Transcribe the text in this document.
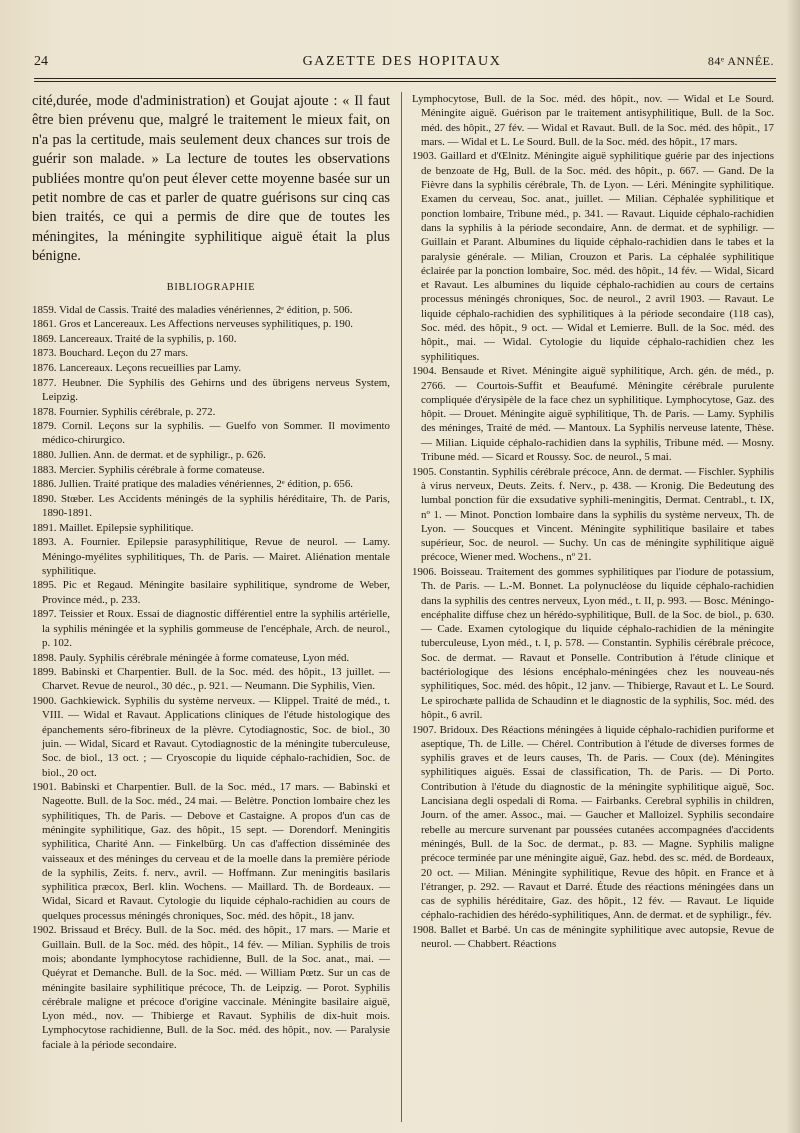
24	GAZETTE DES HOPITAUX	84ᵉ ANNÉE.

cité,durée, mode d'administration) et Goujat ajoute : « Il faut être bien prévenu que, malgré le traitement le mieux fait, on n'a pas la certitude, mais seulement deux chances sur trois de guérir son malade. » La lecture de toutes les observations publiées montre qu'on peut élever cette moyenne basée sur un petit nombre de cas et parler de quatre guérisons sur cinq cas bien traités, ce qui a permis de dire que de toutes les méningites, la méningite syphilitique aiguë était la plus bénigne.

BIBLIOGRAPHIE

1859. Vidal de Cassis. Traité des maladies vénériennes, 2ᵉ édition, p. 506.

1861. Gros et Lancereaux. Les Affections nerveuses syphilitiques, p. 190.

1869. Lancereaux. Traité de la syphilis, p. 160.

1873. Bouchard. Leçon du 27 mars.

1876. Lancereaux. Leçons recueillies par Lamy.

1877. Heubner. Die Syphilis des Gehirns und des übrigens nerveus System, Leipzig.

1878. Fournier. Syphilis cérébrale, p. 272.

1879. Cornil. Leçons sur la syphilis. — Guelfo von Sommer. Il movimento médico-chirurgico.

1880. Jullien. Ann. de dermat. et de syphiligr., p. 626.

1883. Mercier. Syphilis cérébrale à forme comateuse.

1886. Jullien. Traité pratique des maladies vénériennes, 2ᵉ édition, p. 656.

1890. Stœber. Les Accidents méningés de la syphilis héréditaire, Th. de Paris, 1890-1891.

1891. Maillet. Epilepsie syphilitique.

1893. A. Fournier. Epilepsie parasyphilitique, Revue de neurol. — Lamy. Méningo-myélites syphilitiques, Th. de Paris. — Mairet. Aliénation mentale syphilitique.

1895. Pic et Regaud. Méningite basilaire syphilitique, syndrome de Weber, Province méd., p. 233.

1897. Teissier et Roux. Essai de diagnostic différentiel entre la syphilis artérielle, la syphilis méningée et la syphilis gommeuse de l'encéphale, Arch. de neurol., p. 102.

1898. Pauly. Syphilis cérébrale méningée à forme comateuse, Lyon méd.

1899. Babinski et Charpentier. Bull. de la Soc. méd. des hôpit., 13 juillet. — Charvet. Revue de neurol., 30 déc., p. 921. — Neumann. Die Syphilis, Vien.

1900. Gachkiewick. Syphilis du système nerveux. — Klippel. Traité de méd., t. VIII. — Widal et Ravaut. Applications cliniques de l'étude histologique des épanchements séro-fibrineux de la plèvre. Cytodiagnostic, Soc. de biol., 30 juin. — Widal, Sicard et Ravaut. Cytodiagnostic de la méningite tuberculeuse, Soc. de biol., 13 oct. ; — Cryoscopie du liquide céphalo-rachidien, Soc. de biol., 20 oct.

1901. Babinski et Charpentier. Bull. de la Soc. méd., 17 mars. — Babinski et Nageotte. Bull. de la Soc. méd., 24 mai. — Belètre. Ponction lombaire chez les syphilitiques, Th. de Paris. — Debove et Castaigne. A propos d'un cas de méningite syphilitique, Gaz. des hôpit., 15 sept. — Dorendorf. Meningitis syphilitica, Charité Ann. — Finkelbürg. Un cas d'affection disséminée des vaisseaux et des méninges du cerveau et de la moelle dans la première période de la syphilis, Zeits. f. nerv., avril. — Hoffmann. Zur meningitis basilaris syphilitica præcox, Berl. klin. Wochens. — Maillard. Th. de Bordeaux. — Widal, Sicard et Ravaut. Cytologie du liquide céphalo-rachidien au cours de quelques processus méningés chroniques, Soc. méd. des hôpit., 18 janv.

1902. Brissaud et Brécy. Bull. de la Soc. méd. des hôpit., 17 mars. — Marie et Guillain. Bull. de la Soc. méd. des hôpit., 14 fév. — Milian. Syphilis de trois mois; abondante lymphocytose rachidienne, Bull. de la Soc. anat., mai. — Quéyrat et Demanche. Bull. de la Soc. méd. — William Pœtz. Sur un cas de méningite basilaire syphilitique précoce, Th. de Leipzig. — Porot. Syphilis cérébrale maligne et précoce d'origine vaccinale. Méningite basilaire aiguë, Lyon méd., nov. — Thibierge et Ravaut. Syphilis de dix-huit mois. Lymphocytose rachidienne, Bull. de la Soc. méd. des hôpit., nov. — Paralysie faciale à la période secondaire.

Lymphocytose, Bull. de la Soc. méd. des hôpit., nov. — Widal et Le Sourd. Méningite aiguë. Guérison par le traitement antisyphilitique, Bull. de la Soc. méd. des hôpit., 27 fév. — Widal et Ravaut. Bull. de la Soc. méd. des hôpit., 17 mars. — Widal et L. Le Sourd. Bull. de la Soc. méd. des hôpit., 17 mars.

1903. Gaillard et d'Œlnitz. Méningite aiguë syphilitique guérie par des injections de benzoate de Hg, Bull. de la Soc. méd. des hôpit., p. 667. — Gand. De la Fièvre dans la syphilis cérébrale, Th. de Lyon. — Léri. Méningite syphilitique. Examen du cerveau, Soc. anat., juillet. — Milian. Céphalée syphilitique et ponction lombaire, Tribune méd., p. 341. — Ravaut. Liquide céphalo-rachidien dans la syphilis à la période secondaire, Ann. de dermat. et de syphiligr. — Guillain et Parant. Albumines du liquide céphalo-rachidien dans le tabes et la paralysie générale. — Milian, Crouzon et Paris. La céphalée syphilitique éclairée par la ponction lombaire, Soc. méd. des hôpit., 14 fév. — Widal, Sicard et Ravaut. Les albumines du liquide céphalo-rachidien au cours de certains processus méningés chroniques, Soc. de neurol., 2 avril 1903. — Ravaut. Le liquide céphalo-rachidien des syphilitiques à la période secondaire (118 cas), Soc. méd. des hôpit., 9 oct. — Widal et Lemierre. Bull. de la Soc. méd. des hôpit., mai. — Widal. Cytologie du liquide céphalo-rachidien chez les syphilitiques.

1904. Bensaude et Rivet. Méningite aiguë syphilitique, Arch. gén. de méd., p. 2766. — Courtois-Suffit et Beaufumé. Méningite cérébrale purulente compliquée d'érysipèle de la face chez un syphilitique. Lymphocytose, Gaz. des hôpit. — Drouet. Méningite aiguë syphilitique, Th. de Paris. — Lamy. Syphilis des méninges, Traité de méd. — Mantoux. La Syphilis nerveuse latente, Thèse. — Milian. Liquide céphalo-rachidien dans la syphilis, Tribune méd. — Mosny. Tribune méd. — Sicard et Roussy. Soc. de neurol., 5 mai.

1905. Constantin. Syphilis cérébrale précoce, Ann. de dermat. — Fischler. Syphilis à virus nerveux, Deuts. Zeits. f. Nerv., p. 438. — Kronig. Die Bedeutung des lumbal ponction für die exsudative syphili-meningitis, Dermat. Centrabl., t. IX, nº 1. — Minot. Ponction lombaire dans la syphilis du système nerveux, Th. de Lyon. — Soucques et Vincent. Méningite syphilitique basilaire et tabes supérieur, Soc. de neurol. — Suchy. Un cas de méningite syphilitique aiguë précoce, Wiener med. Wochens., nº 21.

1906. Boisseau. Traitement des gommes syphilitiques par l'iodure de potassium, Th. de Paris. — L.-M. Bonnet. La polynucléose du liquide céphalo-rachidien dans la syphilis des centres nerveux, Lyon méd., t. II, p. 993. — Bosc. Méningo-encéphalite diffuse chez un hérédo-syphilitique, Bull. de la Soc. de biol., p. 630. — Cade. Examen cytologique du liquide céphalo-rachidien de la méningite tuberculeuse, Lyon méd., t. I, p. 578. — Constantin. Syphilis cérébrale précoce, Soc. de dermat. — Ravaut et Ponselle. Contribution à l'étude clinique et bactériologique des lésions encéphalo-méningées chez les nouveau-nés syphilitiques, Soc. méd. des hôpit., 12 janv. — Thibierge, Ravaut et L. Le Sourd. Le spirochæte pallida de Schaudinn et le diagnostic de la syphilis, Soc. méd. des hôpit., 6 avril.

1907. Bridoux. Des Réactions méningées à liquide céphalo-rachidien puriforme et aseptique, Th. de Lille. — Chérel. Contribution à l'étude de diverses formes de syphilis graves et de leurs causes, Th. de Paris. — Coux (de). Méningites syphilitiques aiguës. Essai de classification, Th. de Paris. — Di Porto. Contribution à l'étude du diagnostic de la méningite syphilitique aiguë, Soc. Lancisiana degli ospedali di Roma. — Fairbanks. Cerebral syphilis in children, Journ. of the amer. Assoc., mai. — Gaucher et Malloizel. Syphilis secondaire rebelle au mercure survenant par poussées cutanées accompagnées d'accidents méningés, Bull. de la Soc. de dermat., p. 83. — Magne. Syphilis maligne précoce terminée par une méningite aiguë, Gaz. hebd. des sc. méd. de Bordeaux, 20 oct. — Milian. Méningite syphilitique, Revue des hôpit. en France et à l'étranger, p. 292. — Ravaut et Darré. Étude des réactions méningées dans un cas de syphilis héréditaire, Gaz. des hôpit., 12 fév. — Ravaut. Le liquide céphalo-rachidien des hérédo-syphilitiques, Ann. de dermat. et de syphiligr., fév.

1908. Ballet et Barbé. Un cas de méningite syphilitique avec autopsie, Revue de neurol. — Chabbert. Réactions
